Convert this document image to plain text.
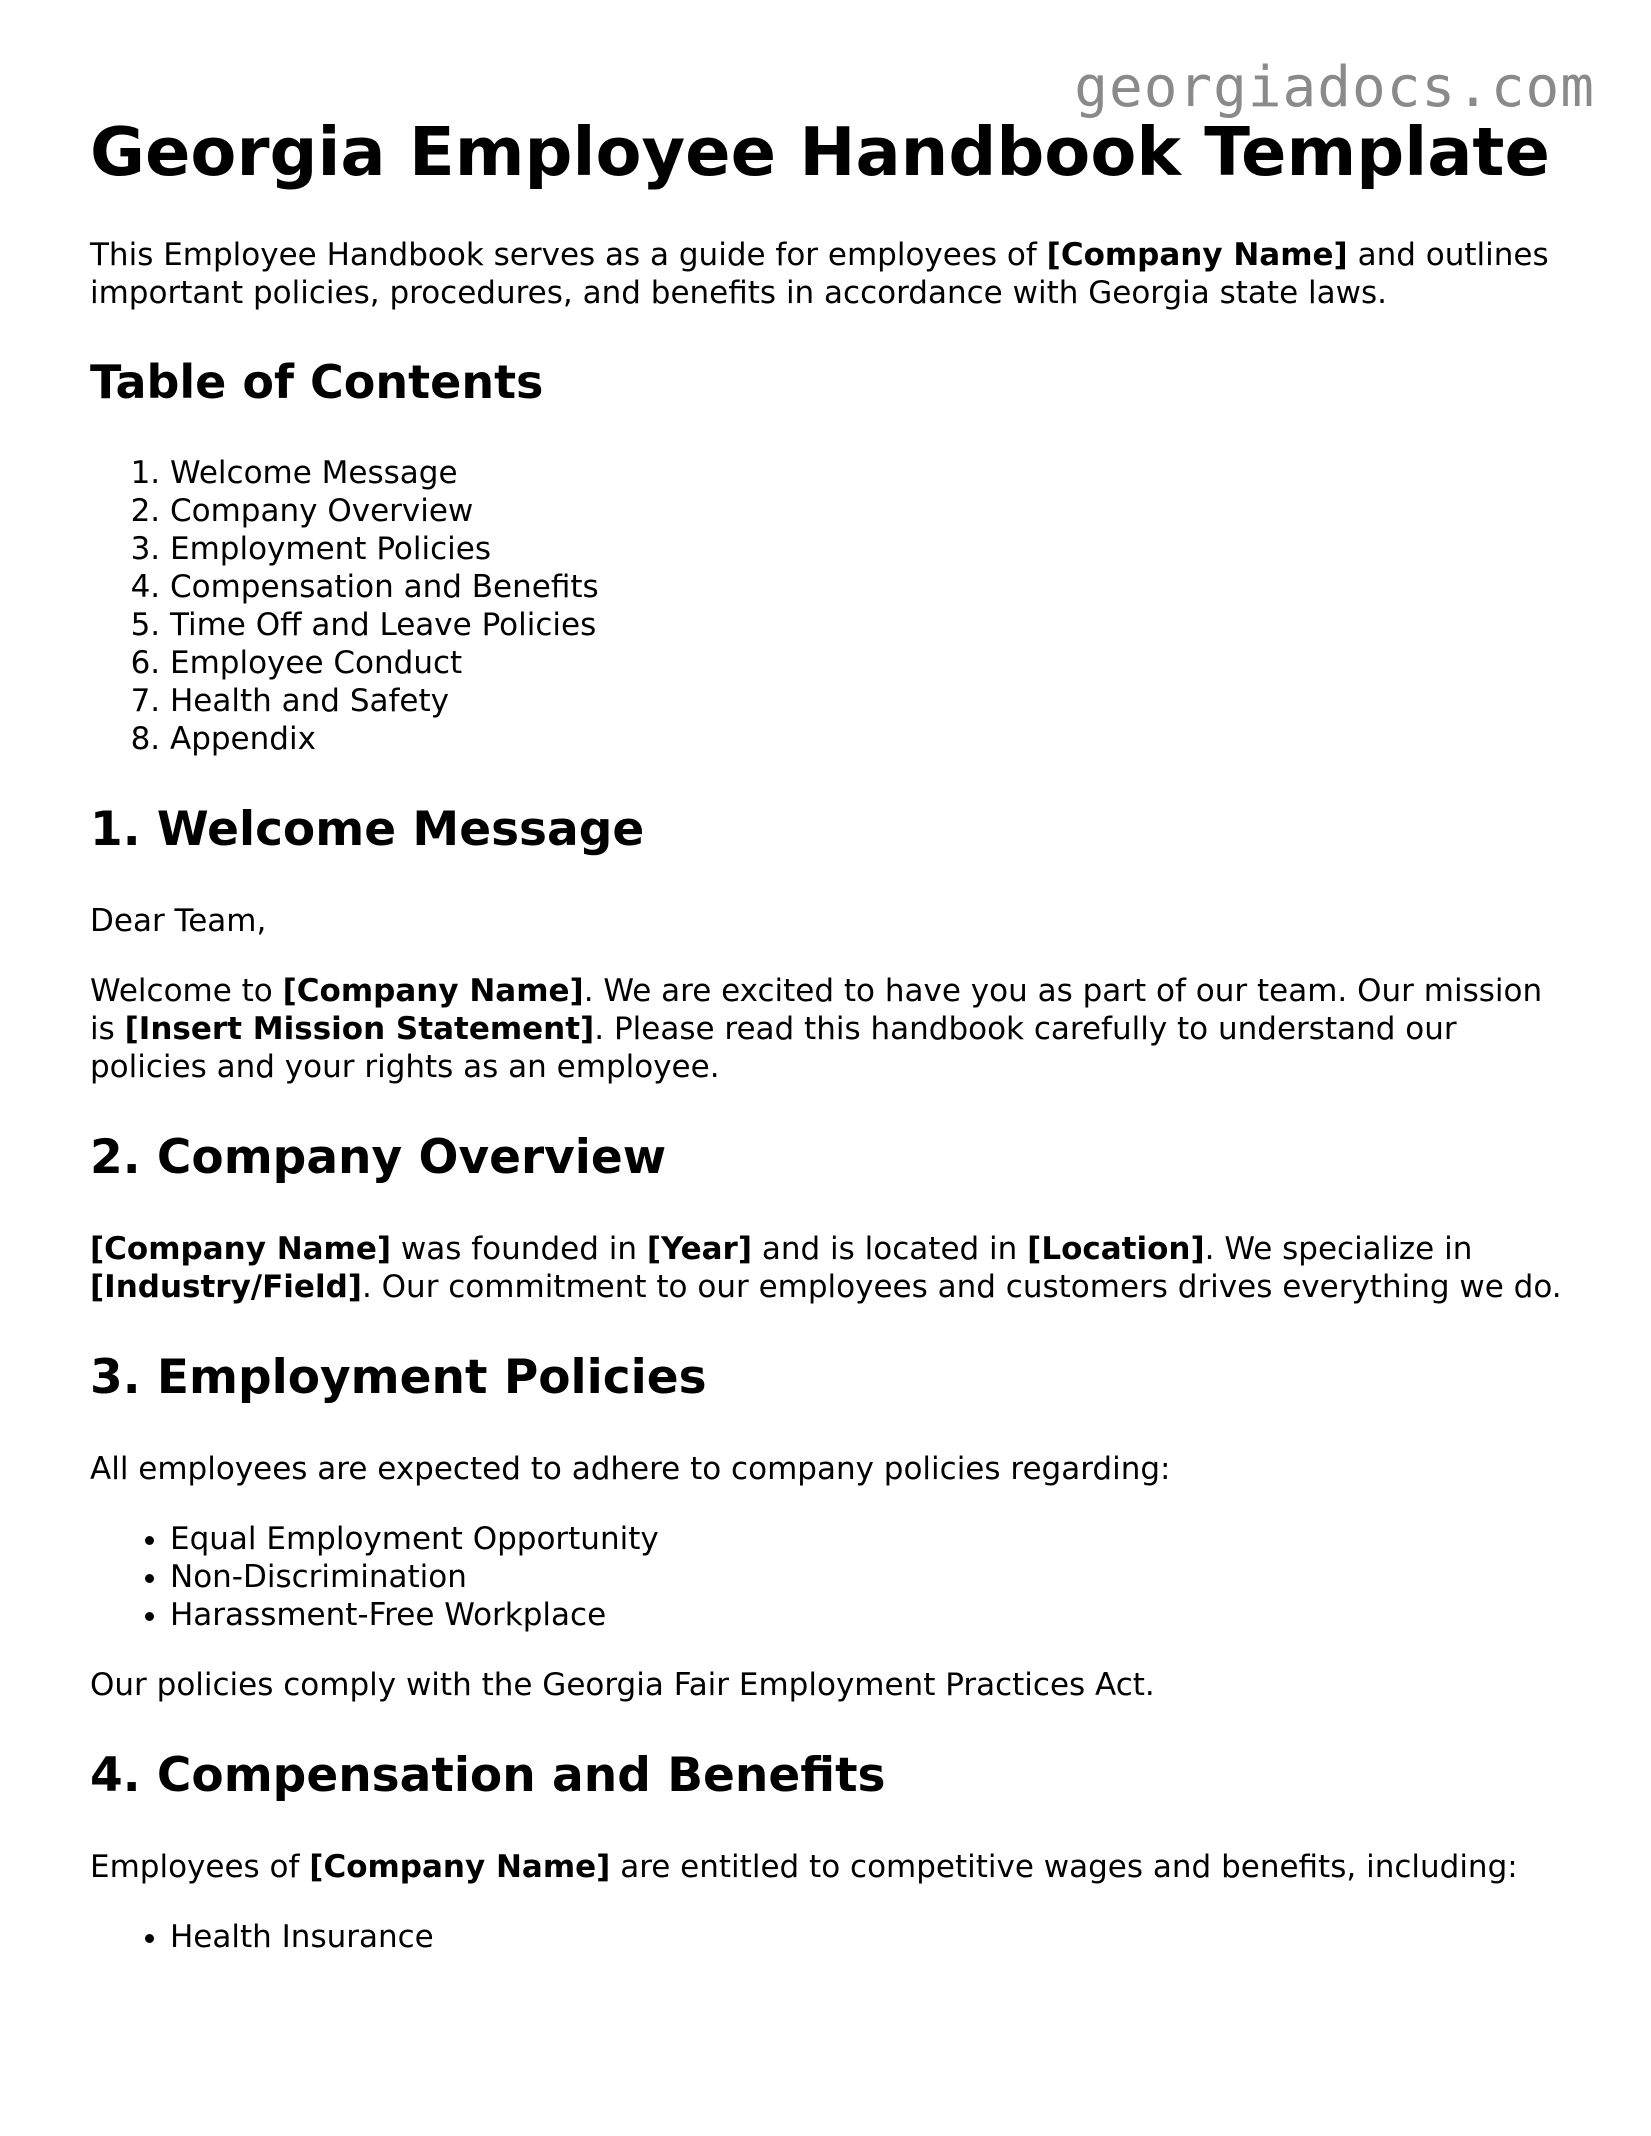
georgiadocs.com
Georgia Employee Handbook Template

This Employee Handbook serves as a guide for employees of [Company Name] and outlines important policies, procedures, and benefits in accordance with Georgia state laws.

Table of Contents
1. Welcome Message
2. Company Overview
3. Employment Policies
4. Compensation and Benefits
5. Time Off and Leave Policies
6. Employee Conduct
7. Health and Safety
8. Appendix
1. Welcome Message

Dear Team,

Welcome to [Company Name]. We are excited to have you as part of our team. Our mission is [Insert Mission Statement]. Please read this handbook carefully to understand our policies and your rights as an employee.

2. Company Overview

[Company Name] was founded in [Year] and is located in [Location]. We specialize in [Industry/Field]. Our commitment to our employees and customers drives everything we do.

3. Employment Policies

All employees are expected to adhere to company policies regarding:

• Equal Employment Opportunity
• Non-Discrimination
• Harassment-Free Workplace

Our policies comply with the Georgia Fair Employment Practices Act.

4. Compensation and Benefits

Employees of [Company Name] are entitled to competitive wages and benefits, including:

• Health Insurance
